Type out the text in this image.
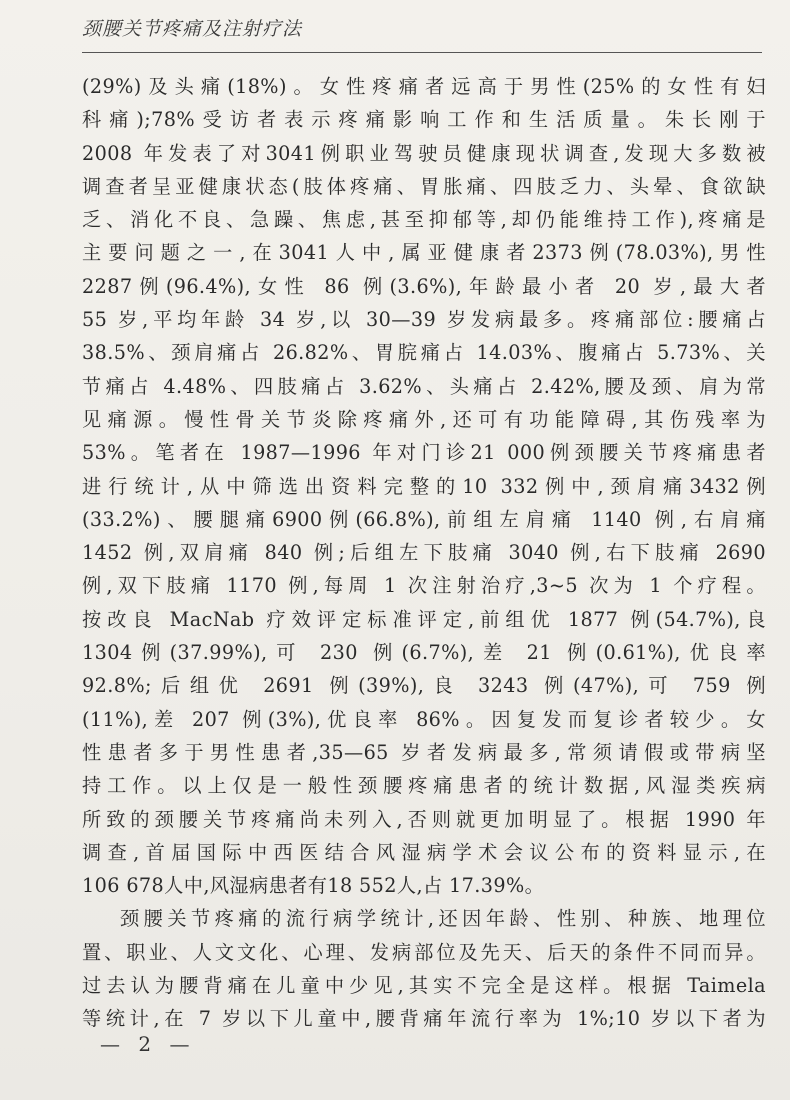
颈腰关节疼痛及注射疗法
(29%)及头痛(18%)。女性疼痛者远高于男性(25%的女性有妇
科痛);78%受访者表示疼痛影响工作和生活质量。朱长刚于
2008 年发表了对3041例职业驾驶员健康现状调查,发现大多数被
调查者呈亚健康状态(肢体疼痛、胃胀痛、四肢乏力、头晕、食欲缺
乏、消化不良、急躁、焦虑,甚至抑郁等,却仍能维持工作),疼痛是
主要问题之一,在3041人中,属亚健康者2373例(78.03%),男性
2287例(96.4%),女性 86 例(3.6%),年龄最小者 20 岁,最大者
55 岁,平均年龄 34 岁,以 30—39 岁发病最多。疼痛部位:腰痛占
38.5%、颈肩痛占 26.82%、胃脘痛占 14.03%、腹痛占 5.73%、关
节痛占 4.48%、四肢痛占 3.62%、头痛占 2.42%,腰及颈、肩为常
见痛源。慢性骨关节炎除疼痛外,还可有功能障碍,其伤残率为
53%。笔者在 1987—1996 年对门诊21 000例颈腰关节疼痛患者
进行统计,从中筛选出资料完整的10 332例中,颈肩痛3432例
(33.2%)、腰腿痛6900例(66.8%),前组左肩痛 1140 例,右肩痛
1452 例,双肩痛 840 例;后组左下肢痛 3040 例,右下肢痛 2690
例,双下肢痛 1170 例,每周 1 次注射治疗,3~5 次为 1 个疗程。
按改良 MacNab 疗效评定标准评定,前组优 1877 例(54.7%),良
1304例(37.99%),可 230 例(6.7%),差 21 例(0.61%),优良率
92.8%;后组优 2691 例(39%),良 3243 例(47%),可 759 例
(11%),差 207 例(3%),优良率 86%。因复发而复诊者较少。女
性患者多于男性患者,35—65 岁者发病最多,常须请假或带病坚
持工作。以上仅是一般性颈腰疼痛患者的统计数据,风湿类疾病
所致的颈腰关节疼痛尚未列入,否则就更加明显了。根据 1990 年
调查,首届国际中西医结合风湿病学术会议公布的资料显示,在
106 678人中,风湿病患者有18 552人,占 17.39%。
颈腰关节疼痛的流行病学统计,还因年龄、性别、种族、地理位
置、职业、人文文化、心理、发病部位及先天、后天的条件不同而异。
过去认为腰背痛在儿童中少见,其实不完全是这样。根据 Taimela
等统计,在 7 岁以下儿童中,腰背痛年流行率为 1%;10 岁以下者为
— 2 —
